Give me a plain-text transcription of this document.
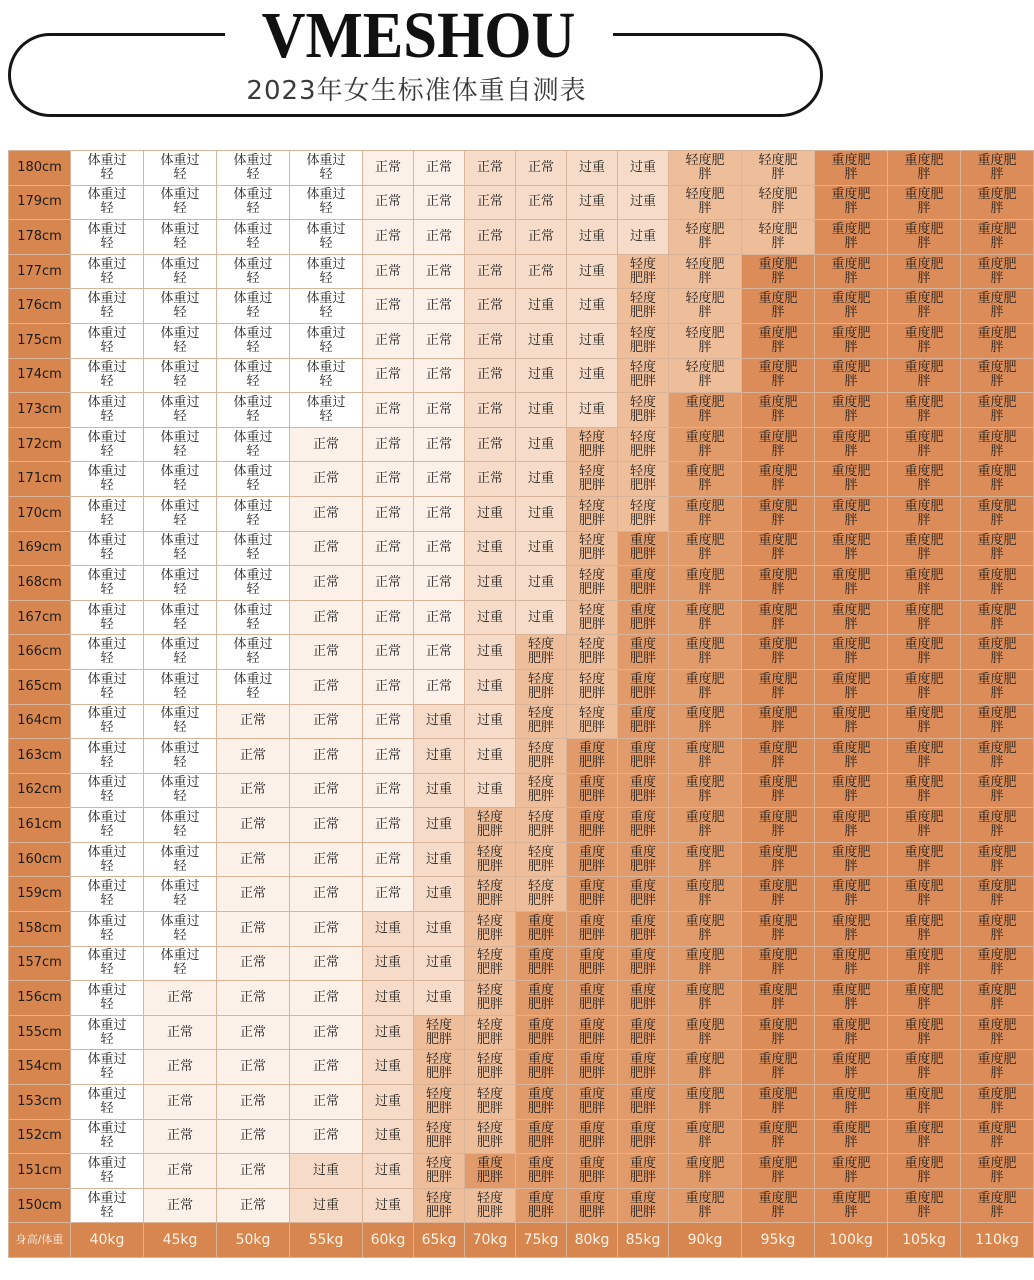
VMESHOU
2023年女生标准体重自测表
180cm	体重过轻	体重过轻	体重过轻	体重过轻	正常	正常	正常	正常	过重	过重	轻度肥胖	轻度肥胖	重度肥胖	重度肥胖	重度肥胖
179cm	体重过轻	体重过轻	体重过轻	体重过轻	正常	正常	正常	正常	过重	过重	轻度肥胖	轻度肥胖	重度肥胖	重度肥胖	重度肥胖
178cm	体重过轻	体重过轻	体重过轻	体重过轻	正常	正常	正常	正常	过重	过重	轻度肥胖	轻度肥胖	重度肥胖	重度肥胖	重度肥胖
177cm	体重过轻	体重过轻	体重过轻	体重过轻	正常	正常	正常	正常	过重	轻度肥胖	轻度肥胖	重度肥胖	重度肥胖	重度肥胖	重度肥胖
176cm	体重过轻	体重过轻	体重过轻	体重过轻	正常	正常	正常	过重	过重	轻度肥胖	轻度肥胖	重度肥胖	重度肥胖	重度肥胖	重度肥胖
175cm	体重过轻	体重过轻	体重过轻	体重过轻	正常	正常	正常	过重	过重	轻度肥胖	轻度肥胖	重度肥胖	重度肥胖	重度肥胖	重度肥胖
174cm	体重过轻	体重过轻	体重过轻	体重过轻	正常	正常	正常	过重	过重	轻度肥胖	轻度肥胖	重度肥胖	重度肥胖	重度肥胖	重度肥胖
173cm	体重过轻	体重过轻	体重过轻	体重过轻	正常	正常	正常	过重	过重	轻度肥胖	重度肥胖	重度肥胖	重度肥胖	重度肥胖	重度肥胖
172cm	体重过轻	体重过轻	体重过轻	正常	正常	正常	正常	过重	轻度肥胖	轻度肥胖	重度肥胖	重度肥胖	重度肥胖	重度肥胖	重度肥胖
171cm	体重过轻	体重过轻	体重过轻	正常	正常	正常	正常	过重	轻度肥胖	轻度肥胖	重度肥胖	重度肥胖	重度肥胖	重度肥胖	重度肥胖
170cm	体重过轻	体重过轻	体重过轻	正常	正常	正常	过重	过重	轻度肥胖	轻度肥胖	重度肥胖	重度肥胖	重度肥胖	重度肥胖	重度肥胖
169cm	体重过轻	体重过轻	体重过轻	正常	正常	正常	过重	过重	轻度肥胖	重度肥胖	重度肥胖	重度肥胖	重度肥胖	重度肥胖	重度肥胖
168cm	体重过轻	体重过轻	体重过轻	正常	正常	正常	过重	过重	轻度肥胖	重度肥胖	重度肥胖	重度肥胖	重度肥胖	重度肥胖	重度肥胖
167cm	体重过轻	体重过轻	体重过轻	正常	正常	正常	过重	过重	轻度肥胖	重度肥胖	重度肥胖	重度肥胖	重度肥胖	重度肥胖	重度肥胖
166cm	体重过轻	体重过轻	体重过轻	正常	正常	正常	过重	轻度肥胖	轻度肥胖	重度肥胖	重度肥胖	重度肥胖	重度肥胖	重度肥胖	重度肥胖
165cm	体重过轻	体重过轻	体重过轻	正常	正常	正常	过重	轻度肥胖	轻度肥胖	重度肥胖	重度肥胖	重度肥胖	重度肥胖	重度肥胖	重度肥胖
164cm	体重过轻	体重过轻	正常	正常	正常	过重	过重	轻度肥胖	轻度肥胖	重度肥胖	重度肥胖	重度肥胖	重度肥胖	重度肥胖	重度肥胖
163cm	体重过轻	体重过轻	正常	正常	正常	过重	过重	轻度肥胖	重度肥胖	重度肥胖	重度肥胖	重度肥胖	重度肥胖	重度肥胖	重度肥胖
162cm	体重过轻	体重过轻	正常	正常	正常	过重	过重	轻度肥胖	重度肥胖	重度肥胖	重度肥胖	重度肥胖	重度肥胖	重度肥胖	重度肥胖
161cm	体重过轻	体重过轻	正常	正常	正常	过重	轻度肥胖	轻度肥胖	重度肥胖	重度肥胖	重度肥胖	重度肥胖	重度肥胖	重度肥胖	重度肥胖
160cm	体重过轻	体重过轻	正常	正常	正常	过重	轻度肥胖	轻度肥胖	重度肥胖	重度肥胖	重度肥胖	重度肥胖	重度肥胖	重度肥胖	重度肥胖
159cm	体重过轻	体重过轻	正常	正常	正常	过重	轻度肥胖	轻度肥胖	重度肥胖	重度肥胖	重度肥胖	重度肥胖	重度肥胖	重度肥胖	重度肥胖
158cm	体重过轻	体重过轻	正常	正常	过重	过重	轻度肥胖	重度肥胖	重度肥胖	重度肥胖	重度肥胖	重度肥胖	重度肥胖	重度肥胖	重度肥胖
157cm	体重过轻	体重过轻	正常	正常	过重	过重	轻度肥胖	重度肥胖	重度肥胖	重度肥胖	重度肥胖	重度肥胖	重度肥胖	重度肥胖	重度肥胖
156cm	体重过轻	正常	正常	正常	过重	过重	轻度肥胖	重度肥胖	重度肥胖	重度肥胖	重度肥胖	重度肥胖	重度肥胖	重度肥胖	重度肥胖
155cm	体重过轻	正常	正常	正常	过重	轻度肥胖	轻度肥胖	重度肥胖	重度肥胖	重度肥胖	重度肥胖	重度肥胖	重度肥胖	重度肥胖	重度肥胖
154cm	体重过轻	正常	正常	正常	过重	轻度肥胖	轻度肥胖	重度肥胖	重度肥胖	重度肥胖	重度肥胖	重度肥胖	重度肥胖	重度肥胖	重度肥胖
153cm	体重过轻	正常	正常	正常	过重	轻度肥胖	轻度肥胖	重度肥胖	重度肥胖	重度肥胖	重度肥胖	重度肥胖	重度肥胖	重度肥胖	重度肥胖
152cm	体重过轻	正常	正常	正常	过重	轻度肥胖	轻度肥胖	重度肥胖	重度肥胖	重度肥胖	重度肥胖	重度肥胖	重度肥胖	重度肥胖	重度肥胖
151cm	体重过轻	正常	正常	过重	过重	轻度肥胖	重度肥胖	重度肥胖	重度肥胖	重度肥胖	重度肥胖	重度肥胖	重度肥胖	重度肥胖	重度肥胖
150cm	体重过轻	正常	正常	过重	过重	轻度肥胖	轻度肥胖	重度肥胖	重度肥胖	重度肥胖	重度肥胖	重度肥胖	重度肥胖	重度肥胖	重度肥胖
身高/体重	40kg	45kg	50kg	55kg	60kg	65kg	70kg	75kg	80kg	85kg	90kg	95kg	100kg	105kg	110kg
